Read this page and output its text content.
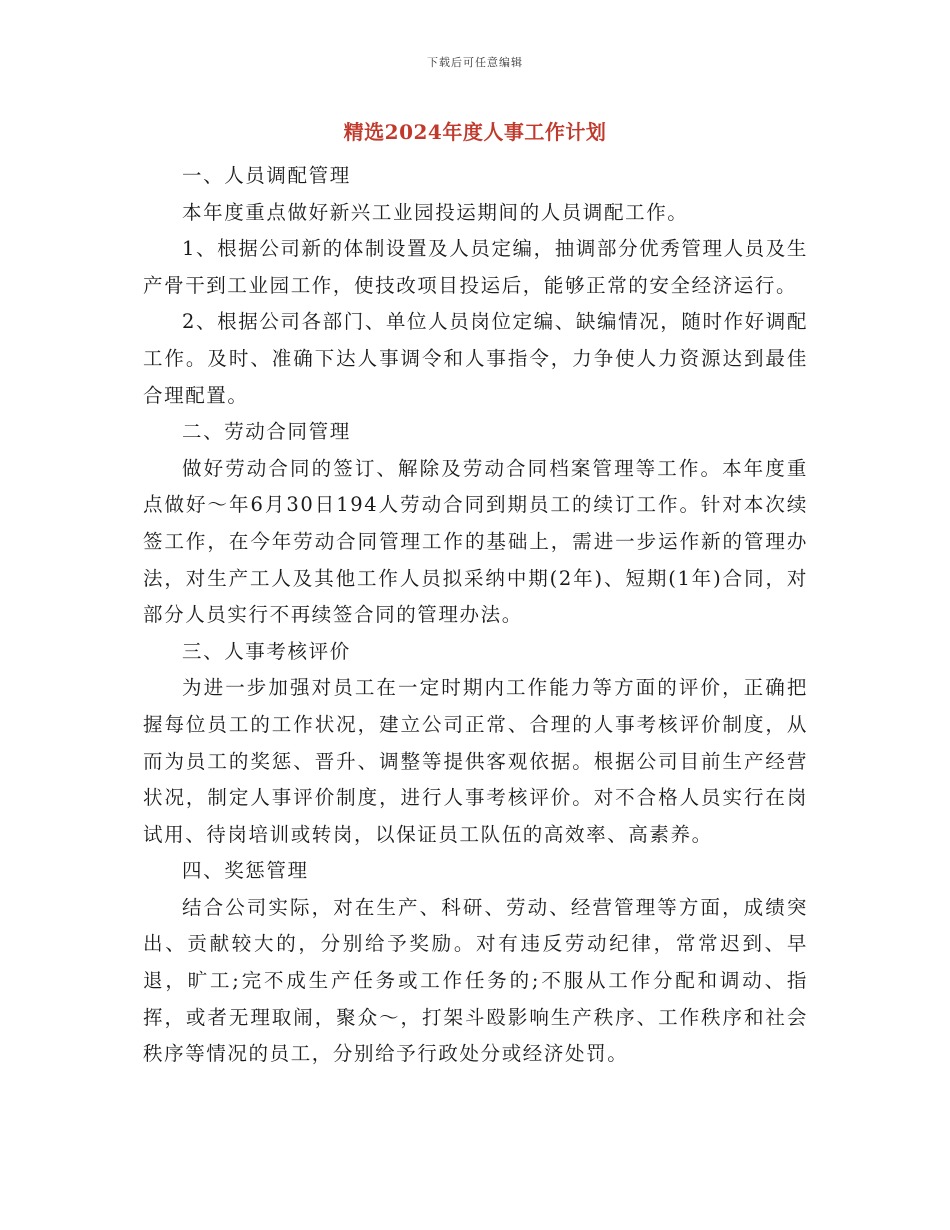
下载后可任意编辑
精选2024年度人事工作计划

一、人员调配管理

本年度重点做好新兴工业园投运期间的人员调配工作。

1、根据公司新的体制设置及人员定编，抽调部分优秀管理人员及生产骨干到工业园工作，使技改项目投运后，能够正常的安全经济运行。

2、根据公司各部门、单位人员岗位定编、缺编情况，随时作好调配工作。及时、准确下达人事调令和人事指令，力争使人力资源达到最佳合理配置。

二、劳动合同管理

做好劳动合同的签订、解除及劳动合同档案管理等工作。本年度重点做好～年6月30日194人劳动合同到期员工的续订工作。针对本次续签工作，在今年劳动合同管理工作的基础上，需进一步运作新的管理办法，对生产工人及其他工作人员拟采纳中期(2年)、短期(1年)合同，对部分人员实行不再续签合同的管理办法。

三、人事考核评价

为进一步加强对员工在一定时期内工作能力等方面的评价，正确把握每位员工的工作状况，建立公司正常、合理的人事考核评价制度，从而为员工的奖惩、晋升、调整等提供客观依据。根据公司目前生产经营状况，制定人事评价制度，进行人事考核评价。对不合格人员实行在岗试用、待岗培训或转岗，以保证员工队伍的高效率、高素养。

四、奖惩管理

结合公司实际，对在生产、科研、劳动、经营管理等方面，成绩突出、贡献较大的，分别给予奖励。对有违反劳动纪律，常常迟到、早退，旷工;完不成生产任务或工作任务的;不服从工作分配和调动、指挥，或者无理取闹，聚众～，打架斗殴影响生产秩序、工作秩序和社会秩序等情况的员工，分别给予行政处分或经济处罚。
